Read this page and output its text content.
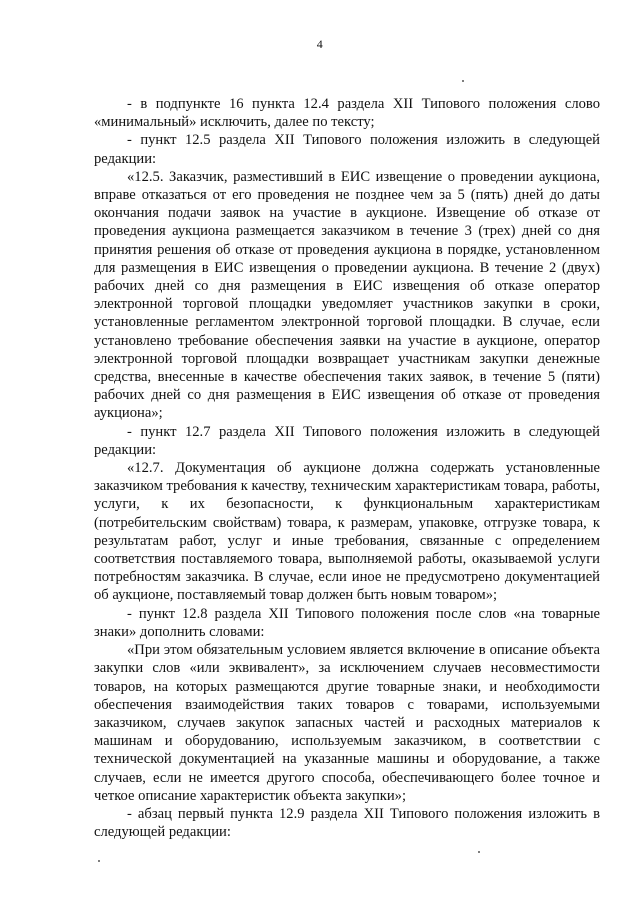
4

- в подпункте 16 пункта 12.4 раздела XII Типового положения слово «минимальный» исключить, далее по тексту;

- пункт 12.5 раздела XII Типового положения изложить в следующей редакции:

«12.5. Заказчик, разместивший в ЕИС извещение о проведении аукциона, вправе отказаться от его проведения не позднее чем за 5 (пять) дней до даты окончания подачи заявок на участие в аукционе. Извещение об отказе от проведения аукциона размещается заказчиком в течение 3 (трех) дней со дня принятия решения об отказе от проведения аукциона в порядке, установленном для размещения в ЕИС извещения о проведении аукциона. В течение 2 (двух) рабочих дней со дня размещения в ЕИС извещения об отказе оператор электронной торговой площадки уведомляет участников закупки в сроки, установленные регламентом электронной торговой площадки. В случае, если установлено требование обеспечения заявки на участие в аукционе, оператор электронной торговой площадки возвращает участникам закупки денежные средства, внесенные в качестве обеспечения таких заявок, в течение 5 (пяти) рабочих дней со дня размещения в ЕИС извещения об отказе от проведения аукциона»;

- пункт 12.7 раздела XII Типового положения изложить в следующей редакции:

«12.7. Документация об аукционе должна содержать установленные заказчиком требования к качеству, техническим характеристикам товара, работы, услуги, к их безопасности, к функциональным характеристикам (потребительским свойствам) товара, к размерам, упаковке, отгрузке товара, к результатам работ, услуг и иные требования, связанные с определением соответствия поставляемого товара, выполняемой работы, оказываемой услуги потребностям заказчика. В случае, если иное не предусмотрено документацией об аукционе, поставляемый товар должен быть новым товаром»;

- пункт 12.8 раздела XII Типового положения после слов «на товарные знаки» дополнить словами:

«При этом обязательным условием является включение в описание объекта закупки слов «или эквивалент», за исключением случаев несовместимости товаров, на которых размещаются другие товарные знаки, и необходимости обеспечения взаимодействия таких товаров с товарами, используемыми заказчиком, случаев закупок запасных частей и расходных материалов к машинам и оборудованию, используемым заказчиком, в соответствии с технической документацией на указанные машины и оборудование, а также случаев, если не имеется другого способа, обеспечивающего более точное и четкое описание характеристик объекта закупки»;

- абзац первый пункта 12.9 раздела XII Типового положения изложить в следующей редакции:
